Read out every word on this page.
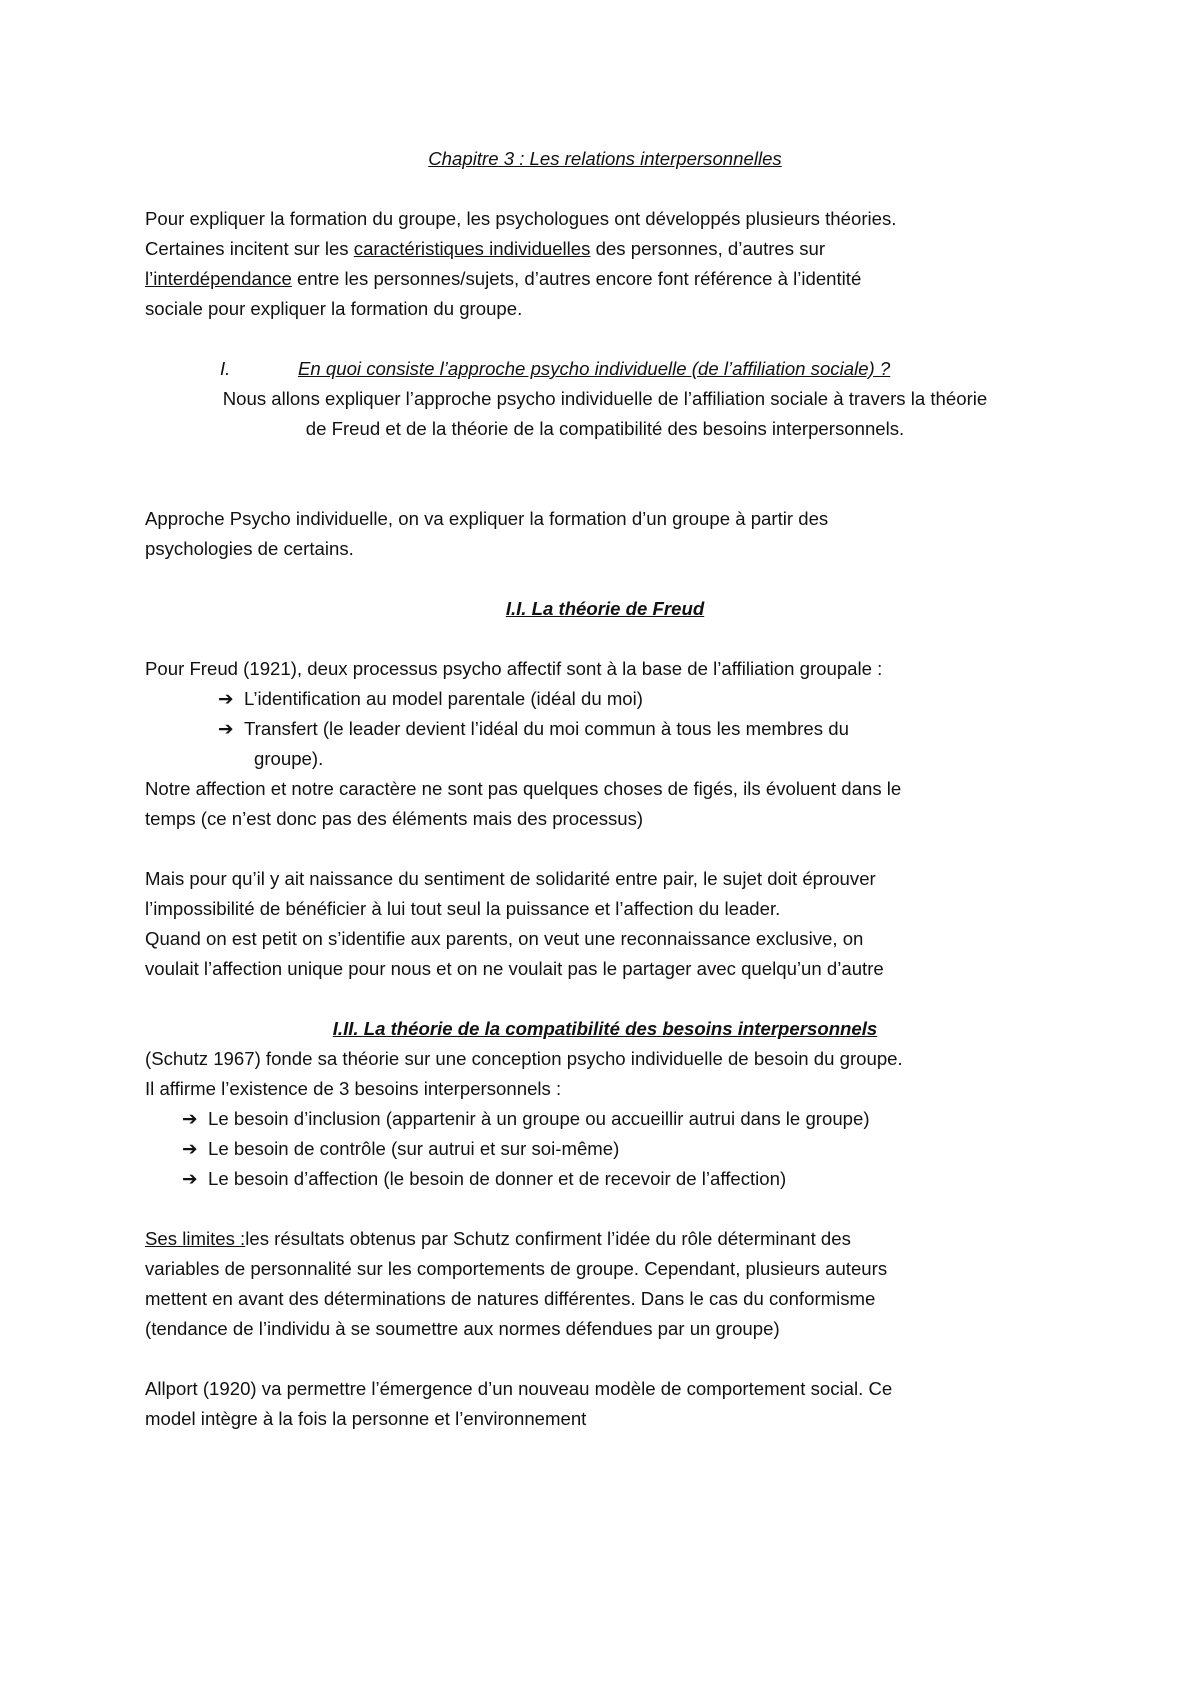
Chapitre 3 : Les relations interpersonnelles
Pour expliquer la formation du groupe, les psychologues ont développés plusieurs théories.
Certaines incitent sur les caractéristiques individuelles des personnes, d’autres sur
l’interdépendance entre les personnes/sujets, d’autres encore font référence à l’identité
sociale pour expliquer la formation du groupe.
I.	En quoi consiste l’approche psycho individuelle (de l’affiliation sociale) ?
Nous allons expliquer l’approche psycho individuelle de l’affiliation sociale à travers la théorie
de Freud et de la théorie de la compatibilité des besoins interpersonnels.
Approche Psycho individuelle, on va expliquer la formation d’un groupe à partir des
psychologies de certains.
I.I. La théorie de Freud
Pour Freud (1921), deux processus psycho affectif sont à la base de l’affiliation groupale :
➔ L’identification au model parentale (idéal du moi)
➔ Transfert (le leader devient l’idéal du moi commun à tous les membres du
groupe).
Notre affection et notre caractère ne sont pas quelques choses de figés, ils évoluent dans le
temps (ce n’est donc pas des éléments mais des processus)
Mais pour qu’il y ait naissance du sentiment de solidarité entre pair, le sujet doit éprouver
l’impossibilité de bénéficier à lui tout seul la puissance et l’affection du leader.
Quand on est petit on s’identifie aux parents, on veut une reconnaissance exclusive, on
voulait l’affection unique pour nous et on ne voulait pas le partager avec quelqu’un d’autre
I.II. La théorie de la compatibilité des besoins interpersonnels
(Schutz 1967) fonde sa théorie sur une conception psycho individuelle de besoin du groupe.
Il affirme l’existence de 3 besoins interpersonnels :
➔ Le besoin d’inclusion (appartenir à un groupe ou accueillir autrui dans le groupe)
➔ Le besoin de contrôle (sur autrui et sur soi-même)
➔ Le besoin d’affection (le besoin de donner et de recevoir de l’affection)
Ses limites :les résultats obtenus par Schutz confirment l’idée du rôle déterminant des
variables de personnalité sur les comportements de groupe. Cependant, plusieurs auteurs
mettent en avant des déterminations de natures différentes. Dans le cas du conformisme
(tendance de l’individu à se soumettre aux normes défendues par un groupe)
Allport (1920) va permettre l’émergence d’un nouveau modèle de comportement social. Ce
model intègre à la fois la personne et l’environnement
